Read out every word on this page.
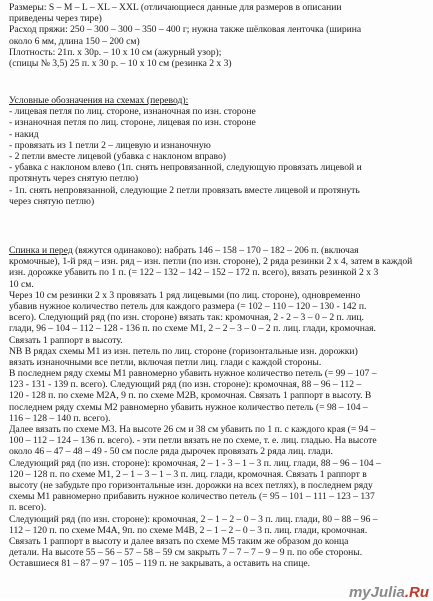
Размеры: S – M – L – XL – XXL (отличающиеся данные для размеров в описании
приведены через тире)
Расход пряжи: 250 – 300 – 300 – 350 – 400 г; нужна также шёлковая ленточка (ширина
около 6 мм, длина 150 – 200 см)
Плотность: 21п. х 30р. – 10 х 10 см (ажурный узор);
(спицы № 3,5) 25 п. х 30 р. – 10 х 10 см (резинка 2 х 3)
Условные обозначения на схемах (перевод):
- лицевая петля по лиц. стороне, изнаночная по изн. стороне
- изнаночная петля по лиц. стороне, лицевая по изн. стороне
- накид
- провязать из 1 петли 2 – лицевую и изнаночную
- 2 петли вместе лицевой (убавка с наклоном вправо)
- убавка с наклоном влево (1п. снять непровязанной, следующую провязать лицевой и
протянуть через снятую петлю)
- 1п. снять непровязанной, следующие 2 петли провязать вместе лицевой и протянуть
через снятую петлю)
Спинка и перед (вяжутся одинаково): набрать 146 – 158 – 170 – 182 – 206 п. (включая
кромочные), 1-й ряд – изн. ряд – изн. петли (по изн. стороне), 2 ряда резинки 2 х 4, затем в каждой
изн. дорожке убавить по 1 п. (= 122 – 132 – 142 – 152 – 172 п. всего), вязать резинкой 2 х 3
10 см.
Через 10 см резинки 2 х 3 провязать 1 ряд лицевыми (по лиц. стороне), одновременно
убавив нужное количество петель для каждого размера (= 102 – 110 – 120 – 130 - 142 п.
всего). Следующий ряд (по изн. стороне) вязать так: кромочная, 2 - 2 – 3 – 0 – 2 п. лиц.
глади, 96 – 104 – 112 – 128 - 136 п. по схеме М1, 2 – 2 – 3 – 0 – 2 п. лиц. глади, кромочная.
Связать 1 раппорт в высоту.
NB В рядах схемы М1 из изн. петель по лиц. стороне (горизонтальные изн. дорожки)
вязать изнаночными все петли, включая петли лиц. глади с каждой стороны.
В последнем ряду схемы М1 равномерно убавить нужное количество петель (= 99 – 107 –
123 - 131 - 139 п. всего). Следующий ряд (по изн. стороне): кромочная, 88 – 96 – 112 –
120 - 128 п. по схеме М2А, 9 п. по схеме М2В, кромочная. Связать 1 раппорт в высоту. В
последнем ряду схемы М2 равномерно убавить нужное количество петель (= 98 – 104 –
116 – 128 – 140 п. всего).
Далее вязать по схеме М3. На высоте 26 см и 38 см убавить по 1 п. с каждого края (= 94 –
100 – 112 – 124 – 136 п. всего). - эти петли вязать не по схеме, т. е. лиц. гладью. На высоте
около 46 – 47 – 48 – 49 - 50 см после ряда дырочек провязать 2 ряда лиц. глади.
Следующий ряд (по изн. стороне): кромочная, 2 – 1 - 3 – 1 – 3 п. лиц. глади, 88 – 96 – 104 –
120 – 128 п. по схеме М1, 2 – 1 – 3 – 1 – 3 п. лиц. глади, кромочная. Связать 1 раппорт в
высоту (не забудьте про горизонтальные изн. дорожки на всех петлях), в последнем ряду
схемы М1 равномерно прибавить нужное количество петель (= 95 – 101 – 111 – 123 – 137
п. всего).
Следующий ряд (по изн. стороне): кромочная, 2 – 1 – 2 – 0 – 3 п. лиц. глади, 80 – 88 – 96 –
112 – 120 п. по схеме М4А, 9п. по схеме М4В, 2 – 1 – 2 – 0 – 3 п. лиц. глади, кромочная.
Связать 1 раппорт в высоту и далее вязать по схеме М5 таким же образом до конца
детали. На высоте 55 – 56 – 57 – 58 – 59 см закрыть 7 – 7 – 7 – 9 – 9 п. по обе стороны.
Оставшиеся 81 – 87 – 97 – 105 – 119 п. не закрывать, а оставить на спице.
myJulia.Ru
